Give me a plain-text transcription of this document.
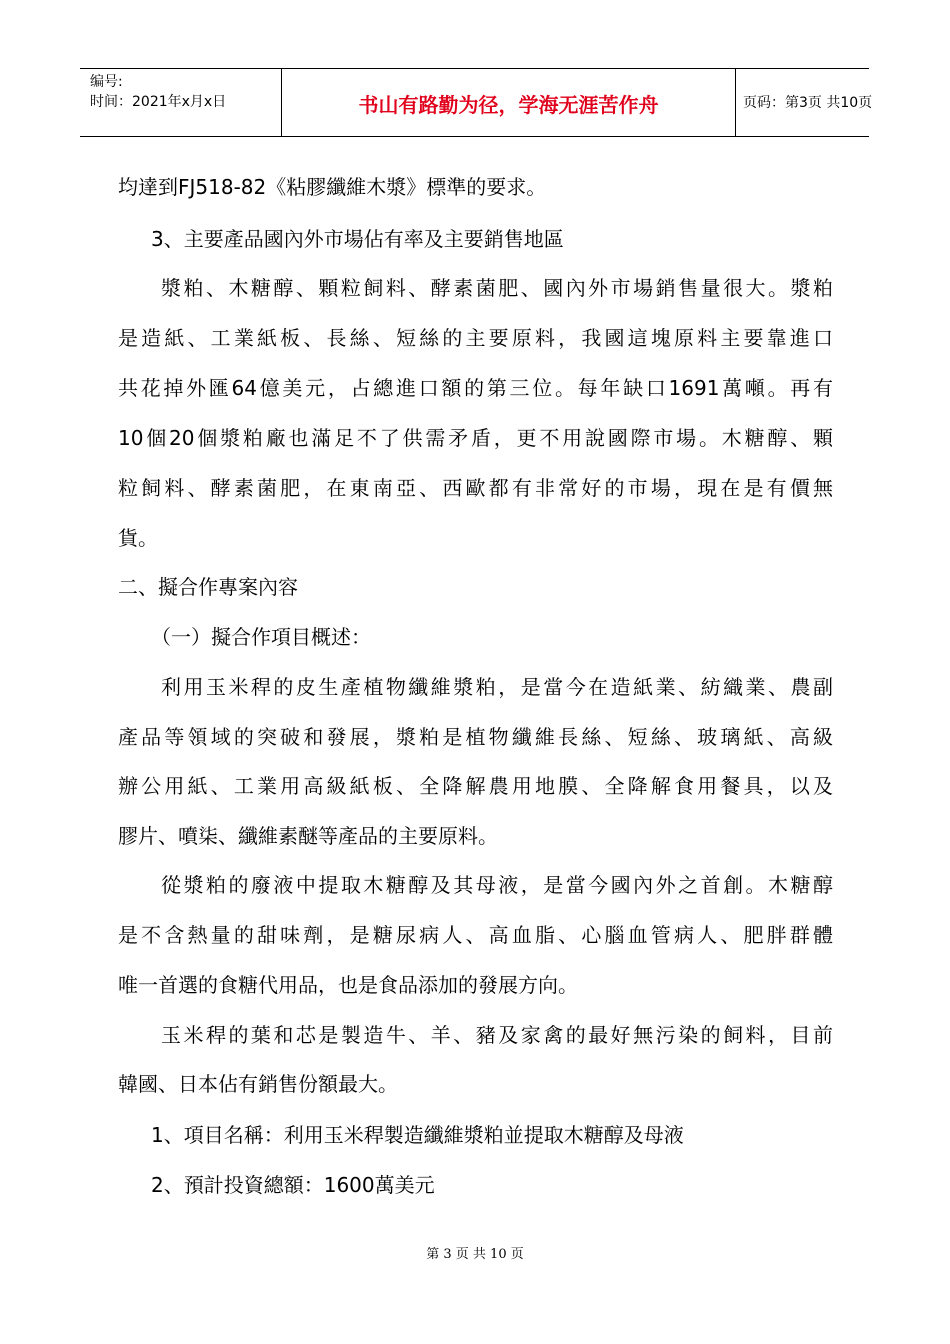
编号:
时间：2021年x月x日	书山有路勤为径，学海无涯苦作舟	页码：第3页 共10页
均達到FJ518-82《粘膠纖維木漿》標準的要求。
3、主要產品國內外市場佔有率及主要銷售地區
漿粕、木糖醇、顆粒飼料、酵素菌肥、國內外市場銷售量很大。漿粕
是造紙、工業紙板、長絲、短絲的主要原料，我國這塊原料主要靠進口
共花掉外匯64億美元，占總進口額的第三位。每年缺口1691萬噸。再有
10個20個漿粕廠也滿足不了供需矛盾，更不用說國際市場。木糖醇、顆
粒飼料、酵素菌肥，在東南亞、西歐都有非常好的市場，現在是有價無
貨。
二、擬合作專案內容
（一）擬合作項目概述：
利用玉米稈的皮生產植物纖維漿粕，是當今在造紙業、紡織業、農副
產品等領域的突破和發展，漿粕是植物纖維長絲、短絲、玻璃紙、高級
辦公用紙、工業用高級紙板、全降解農用地膜、全降解食用餐具，以及
膠片、噴柒、纖維素醚等產品的主要原料。
從漿粕的廢液中提取木糖醇及其母液，是當今國內外之首創。木糖醇
是不含熱量的甜味劑，是糖尿病人、高血脂、心腦血管病人、肥胖群體
唯一首選的食糖代用品，也是食品添加的發展方向。
玉米稈的葉和芯是製造牛、羊、豬及家禽的最好無污染的飼料，目前
韓國、日本佔有銷售份額最大。
1、項目名稱：利用玉米稈製造纖維漿粕並提取木糖醇及母液
2、預計投資總額：1600萬美元
第 3 页 共 10 页
